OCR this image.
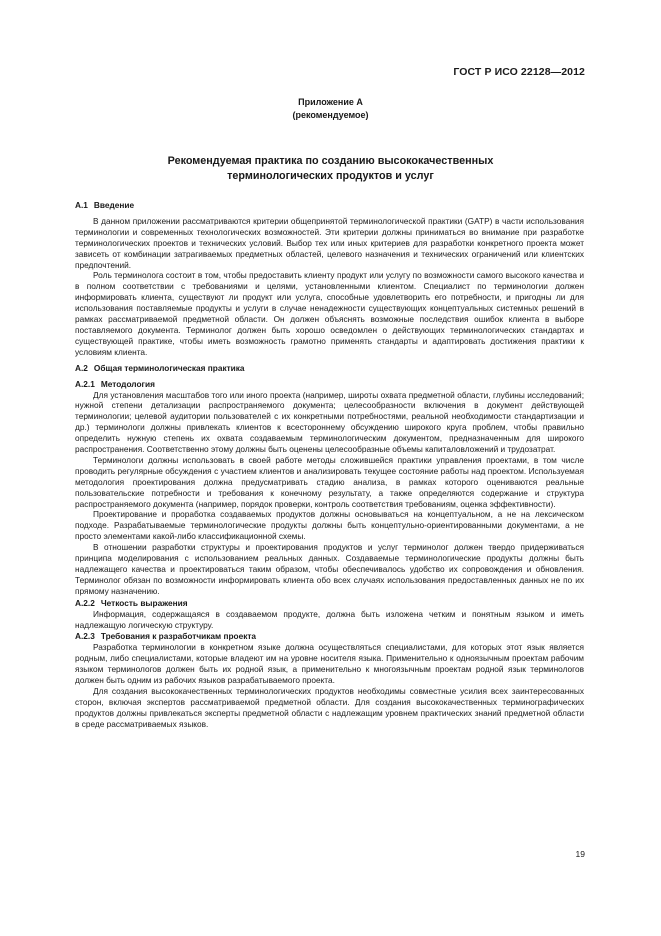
ГОСТ Р ИСО 22128—2012
Приложение А
(рекомендуемое)
Рекомендуемая практика по созданию высококачественных
терминологических продуктов и услуг
А.1 Введение

В данном приложении рассматриваются критерии общепринятой терминологической практики (GATP) в части использования терминологии и современных технологических возможностей. Эти критерии должны приниматься во внимание при разработке терминологических проектов и технических условий. Выбор тех или иных критериев для разработки конкретного проекта может зависеть от комбинации затрагиваемых предметных областей, целевого назначения и технических ограничений или клиентских предпочтений.

Роль терминолога состоит в том, чтобы предоставить клиенту продукт или услугу по возможности самого высокого качества и в полном соответствии с требованиями и целями, установленными клиентом. Специалист по терминологии должен информировать клиента, существуют ли продукт или услуга, способные удовлетворить его потребности, и пригодны ли для использования поставляемые продукты и услуги в случае ненадежности существующих концептуальных системных решений в рамках рассматриваемой предметной области. Он должен объяснять возможные последствия ошибок клиента в выборе поставляемого документа. Терминолог должен быть хорошо осведомлен о действующих терминологических стандартах и существующей практике, чтобы иметь возможность грамотно применять стандарты и адаптировать достижения практики к условиям клиента.

А.2 Общая терминологическая практика
А.2.1 Методология

Для установления масштабов того или иного проекта (например, широты охвата предметной области, глубины исследований; нужной степени детализации распространяемого документа; целесообразности включения в документ действующей терминологии; целевой аудитории пользователей с их конкретными потребностями, реальной необходимости стандартизации и др.) терминологи должны привлекать клиентов к всестороннему обсуждению широкого круга проблем, чтобы правильно определить нужную степень их охвата создаваемым терминологическим документом, предназначенным для широкого распространения. Соответственно этому должны быть оценены целесообразные объемы капиталовложений и трудозатрат.

Терминологи должны использовать в своей работе методы сложившейся практики управления проектами, в том числе проводить регулярные обсуждения с участием клиентов и анализировать текущее состояние работы над проектом. Используемая методология проектирования должна предусматривать стадию анализа, в рамках которого оцениваются реальные пользовательские потребности и требования к конечному результату, а также определяются содержание и структура распространяемого документа (например, порядок проверки, контроль соответствия требованиям, оценка эффективности).

Проектирование и проработка создаваемых продуктов должны основываться на концептуальном, а не на лексическом подходе. Разрабатываемые терминологические продукты должны быть концептульно-ориентированными документами, а не просто элементами какой-либо классификационной схемы.

В отношении разработки структуры и проектирования продуктов и услуг терминолог должен твердо придерживаться принципа моделирования с использованием реальных данных. Создаваемые терминологические продукты должны быть надлежащего качества и проектироваться таким образом, чтобы обеспечивалось удобство их сопровождения и обновления. Терминолог обязан по возможности информировать клиента обо всех случаях использования предоставленных данных не по их прямому назначению.

А.2.2 Четкость выражения

Информация, содержащаяся в создаваемом продукте, должна быть изложена четким и понятным языком и иметь надлежащую логическую структуру.

А.2.3 Требования к разработчикам проекта

Разработка терминологии в конкретном языке должна осуществляться специалистами, для которых этот язык является родным, либо специалистами, которые владеют им на уровне носителя языка. Применительно к одноязычным проектам рабочим языком терминологов должен быть их родной язык, а применительно к многоязычным проектам родной язык терминологов должен быть одним из рабочих языков разрабатываемого проекта.

Для создания высококачественных терминологических продуктов необходимы совместные усилия всех заинтересованных сторон, включая экспертов рассматриваемой предметной области. Для создания высококачественных терминографических продуктов должны привлекаться эксперты предметной области с надлежащим уровнем практических знаний предметной области в среде рассматриваемых языков.

19
